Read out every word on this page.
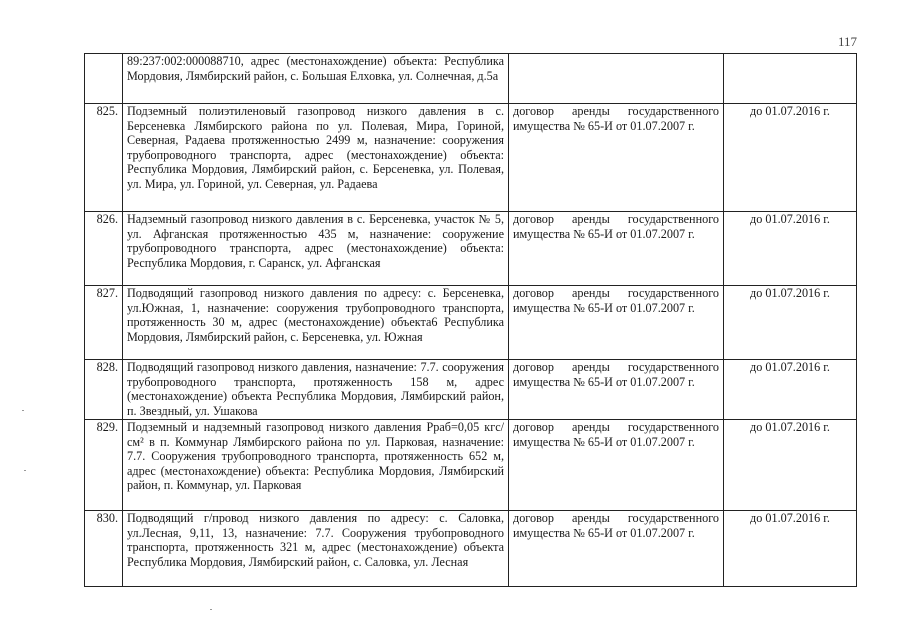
117
	89:237:002:000088710, адрес (местонахождение) объекта: Республика Мордовия, Лямбирский район, с. Большая Елховка, ул. Солнечная, д.5а		
825.	Подземный полиэтиленовый газопровод низкого давления в с. Берсеневка Лямбирского района по ул. Полевая, Мира, Гориной, Северная, Радаева протяженностью 2499 м, назначение: сооружения трубопроводного транспорта, адрес (местонахождение) объекта: Республика Мордовия, Лямбирский район, с. Берсеневка, ул. Полевая, ул. Мира, ул. Гориной, ул. Северная, ул. Радаева	договор аренды государственного имущества № 65-И от 01.07.2007 г.	до 01.07.2016 г.
826.	Надземный газопровод низкого давления в с. Берсеневка, участок № 5, ул. Афганская протяженностью 435 м, назначение: сооружение трубопроводного транспорта, адрес (местонахождение) объекта: Республика Мордовия, г. Саранск, ул. Афганская	договор аренды государственного имущества № 65-И от 01.07.2007 г.	до 01.07.2016 г.
827.	Подводящий газопровод низкого давления по адресу: с. Берсеневка, ул.Южная, 1, назначение: сооружения трубопроводного транспорта, протяженность 30 м, адрес (местонахождение) объекта6 Республика Мордовия, Лямбирский район, с. Берсеневка, ул. Южная	договор аренды государственного имущества № 65-И от 01.07.2007 г.	до 01.07.2016 г.
828.	Подводящий газопровод низкого давления, назначение: 7.7. сооружения трубопроводного транспорта, протяженность 158 м, адрес (местонахождение) объекта Республика Мордовия, Лямбирский район, п. Звездный, ул. Ушакова	договор аренды государственного имущества № 65-И от 01.07.2007 г.	до 01.07.2016 г.
829.	Подземный и надземный газопровод низкого давления Рраб=0,05 кгс/см² в п. Коммунар Лямбирского района по ул. Парковая, назначение: 7.7. Сооружения трубопроводного транспорта, протяженность 652 м, адрес (местонахождение) объекта: Республика Мордовия, Лямбирский район, п. Коммунар, ул. Парковая	договор аренды государственного имущества № 65-И от 01.07.2007 г.	до 01.07.2016 г.
830.	Подводящий г/провод низкого давления по адресу: с. Саловка, ул.Лесная, 9,11, 13, назначение: 7.7. Сооружения трубопроводного транспорта, протяженность 321 м, адрес (местонахождение) объекта Республика Мордовия, Лямбирский район, с. Саловка, ул. Лесная	договор аренды государственного имущества № 65-И от 01.07.2007 г.	до 01.07.2016 г.
